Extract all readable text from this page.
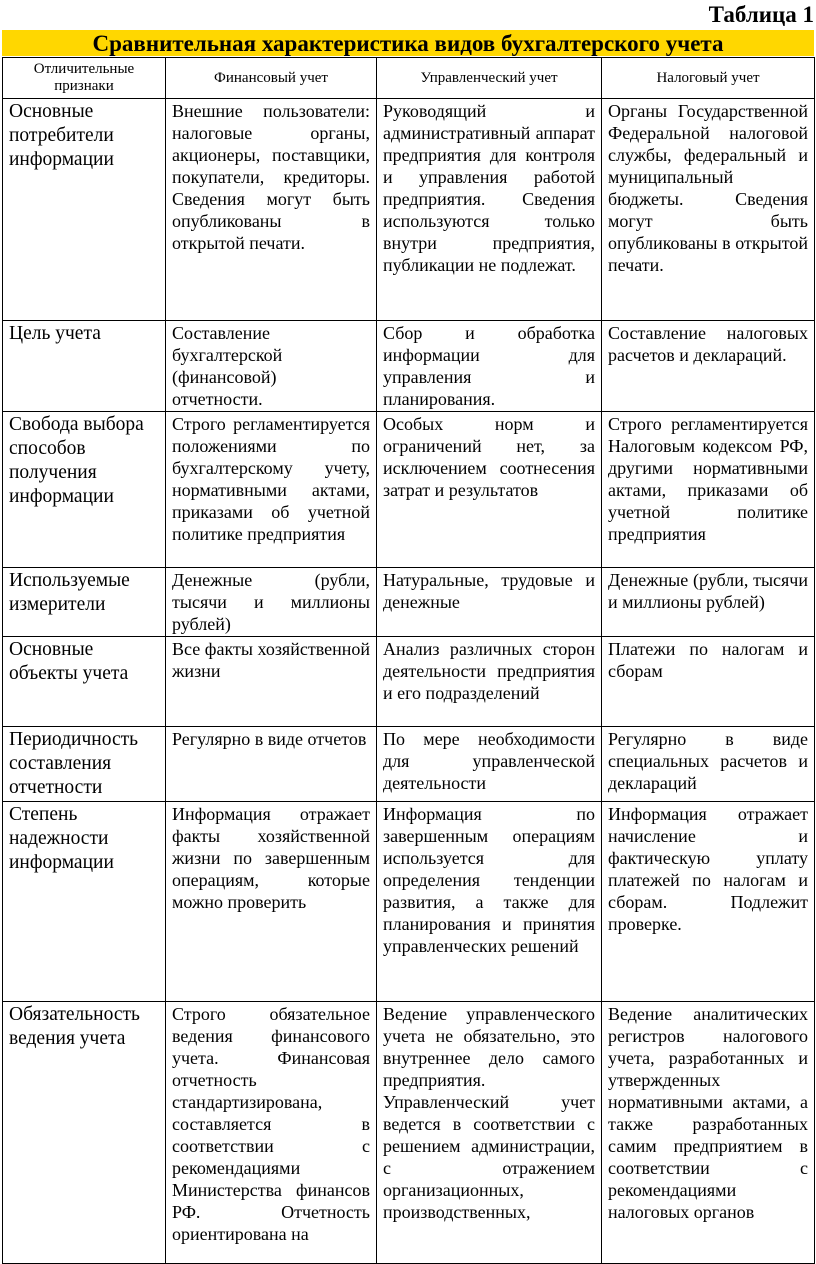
Таблица 1
Сравнительная характеристика видов бухгалтерского учета
Отличительные признаки	Финансовый учет	Управленческий учет	Налоговый учет
Основные потребители информации	Внешние пользователи: налоговые органы, акционеры, поставщики, покупатели, кредиторы. Сведения могут быть опубликованы в открытой печати.	Руководящий и административный аппарат предприятия для контроля и управления работой предприятия. Сведения используются только внутри предприятия, публикации не подлежат.	Органы Государственной Федеральной налоговой службы, федеральный и муниципальный бюджеты. Сведения могут быть опубликованы в открытой печати.
Цель учета	Составление бухгалтерской (финансовой) отчетности.	Сбор и обработка информации для управления и планирования.	Составление налоговых расчетов и деклараций.
Свобода выбора способов получения информации	Строго регламентируется положениями по бухгалтерскому учету, нормативными актами, приказами об учетной политике предприятия	Особых норм и ограничений нет, за исключением соотнесения затрат и результатов	Строго регламентируется Налоговым кодексом РФ, другими нормативными актами, приказами об учетной политике предприятия
Используемые измерители	Денежные (рубли, тысячи и миллионы рублей)	Натуральные, трудовые и денежные	Денежные (рубли, тысячи и миллионы рублей)
Основные объекты учета	Все факты хозяйственной жизни	Анализ различных сторон деятельности предприятия и его подразделений	Платежи по налогам и сборам
Периодичность составления отчетности	Регулярно в виде отчетов	По мере необходимости для управленческой деятельности	Регулярно в виде специальных расчетов и деклараций
Степень надежности информации	Информация отражает факты хозяйственной жизни по завершенным операциям, которые можно проверить	Информация по завершенным операциям используется для определения тенденции развития, а также для планирования и принятия управленческих решений	Информация отражает начисление и фактическую уплату платежей по налогам и сборам. Подлежит проверке.
Обязательность ведения учета	Строго обязательное ведения финансового учета. Финансовая отчетность стандартизирована, составляется в соответствии с рекомендациями Министерства финансов РФ. Отчетность ориентирована на	Ведение управленческого учета не обязательно, это внутреннее дело самого предприятия. Управленческий учет ведется в соответствии с решением администрации, с отражением организационных, производственных,	Ведение аналитических регистров налогового учета, разработанных и утвержденных нормативными актами, а также разработанных самим предприятием в соответствии с рекомендациями налоговых органов
